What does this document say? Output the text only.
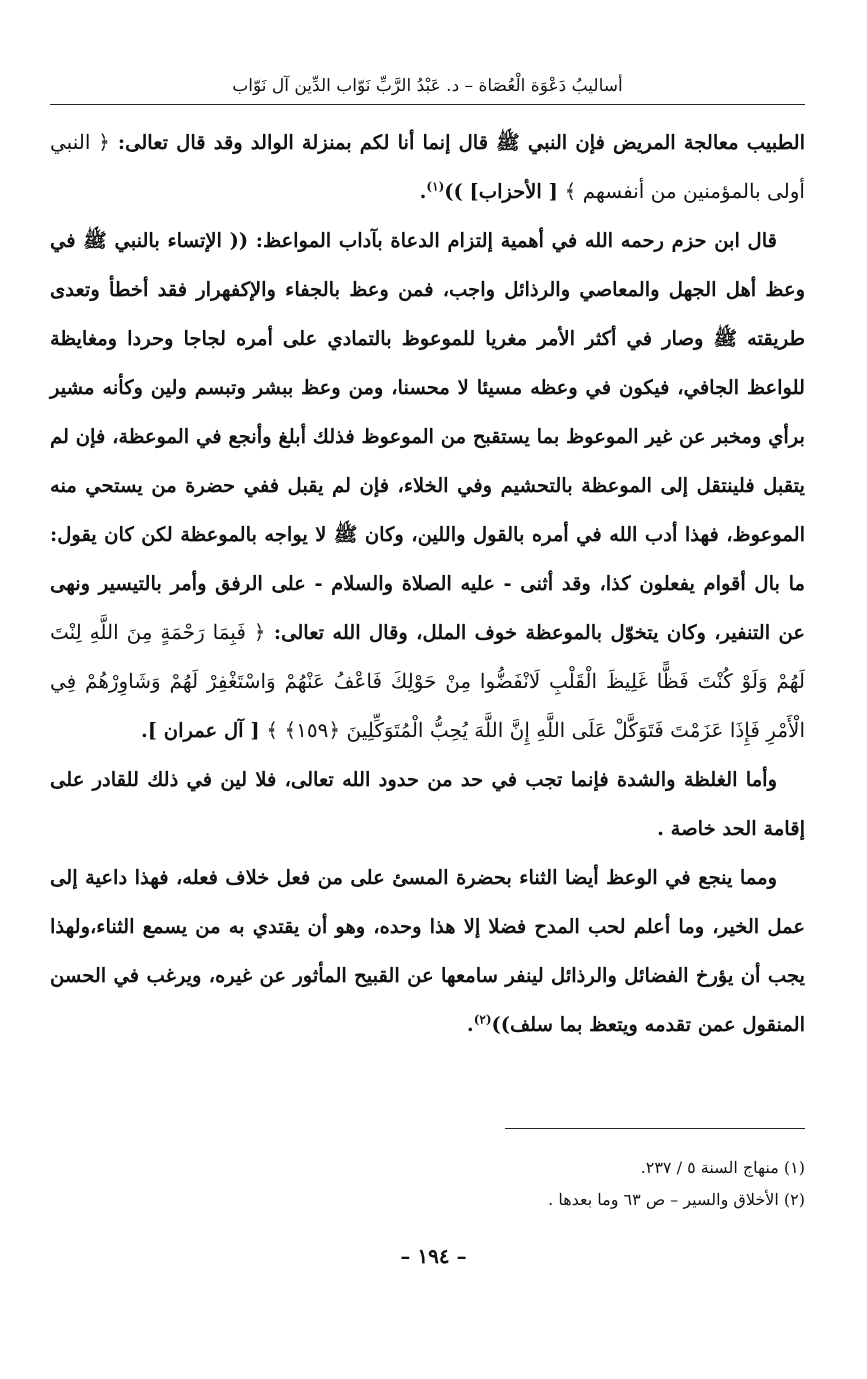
أساليبُ دَعْوَة الْعُصَاة – د. عَبْدُ الرَّبِّ نَوّاب الدِّين آل نَوّاب

الطبيب معالجة المريض فإن النبي ﷺ قال إنما أنا لكم بمنزلة الوالد وقد قال تعالى: ﴿ النبي أولى بالمؤمنين من أنفسهم ﴾ [ الأحزاب] ))$^{(١)}$.

قال ابن حزم رحمه الله في أهمية إلتزام الدعاة بآداب المواعظ: (( الإتساء بالنبي ﷺ في وعظ أهل الجهل والمعاصي والرذائل واجب، فمن وعظ بالجفاء والإكفهرار فقد أخطأ وتعدى طريقته ﷺ وصار في أكثر الأمر مغريا للموعوظ بالتمادي على أمره لجاجا وحردا ومغايظة للواعظ الجافي، فيكون في وعظه مسيئا لا محسنا، ومن وعظ ببشر وتبسم ولين وكأنه مشير برأي ومخبر عن غير الموعوظ بما يستقبح من الموعوظ فذلك أبلغ وأنجع في الموعظة، فإن لم يتقبل فلينتقل إلى الموعظة بالتحشيم وفي الخلاء، فإن لم يقبل ففي حضرة من يستحي منه الموعوظ، فهذا أدب الله في أمره بالقول واللين، وكان ﷺ لا يواجه بالموعظة لكن كان يقول: ما بال أقوام يفعلون كذا، وقد أثنى - عليه الصلاة والسلام - على الرفق وأمر بالتيسير ونهى عن التنفير، وكان يتخوّل بالموعظة خوف الملل، وقال الله تعالى: ﴿ فَبِمَا رَحْمَةٍ مِنَ اللَّهِ لِنْتَ لَهُمْ وَلَوْ كُنْتَ فَظًّا غَلِيظَ الْقَلْبِ لَانْفَضُّوا مِنْ حَوْلِكَ فَاعْفُ عَنْهُمْ وَاسْتَغْفِرْ لَهُمْ وَشَاوِرْهُمْ فِي الْأَمْرِ فَإِذَا عَزَمْتَ فَتَوَكَّلْ عَلَى اللَّهِ إِنَّ اللَّهَ يُحِبُّ الْمُتَوَكِّلِينَ ﴿١٥٩﴾ ﴾ [ آل عمران ].

وأما الغلظة والشدة فإنما تجب في حد من حدود الله تعالى، فلا لين في ذلك للقادر على إقامة الحد خاصة .

ومما ينجع في الوعظ أيضا الثناء بحضرة المسئ على من فعل خلاف فعله، فهذا داعية إلى عمل الخير، وما أعلم لحب المدح فضلا إلا هذا وحده، وهو أن يقتدي به من يسمع الثناء،ولهذا يجب أن يؤرخ الفضائل والرذائل لينفر سامعها عن القبيح المأثور عن غيره، ويرغب في الحسن المنقول عمن تقدمه ويتعظ بما سلف))$^{(٢)}$.

(١) منهاج السنة ٥ / ٢٣٧.
(٢) الأخلاق والسير – ص ٦٣ وما بعدها .
– ١٩٤ –
